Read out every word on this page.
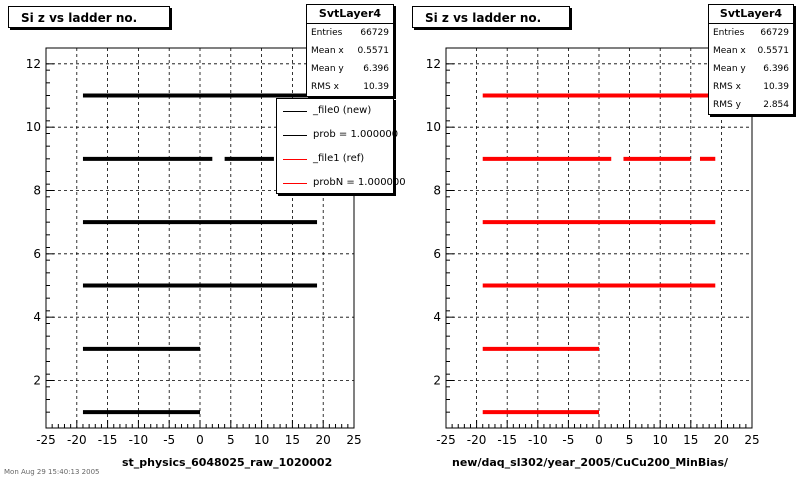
-25 -20 -15 -10 -5 0 5 10 15 20 25
2
4
6
8
10
12
Si z vs ladder no.	SvtLayer4
Entries 66729
Mean x 0.5571
Mean y 6.396
RMS x	10.39
_file0 (new)
prob = 1.000000
_file1 (ref)
probN = 1.000000
st_physics_6048025_raw_1020002
Mon Aug 29 15:40:13 2005
-25 -20 -15 -10 -5 0 5 10 15 20 25
2
4
6
8
10
12
Si z vs ladder no.	SvtLayer4
Entries 66729
Mean x 0.5571
Mean y 6.396
RMS x 10.39
RMS y 2.854
new/daq_sl302/year_2005/CuCu200_MinBias/
